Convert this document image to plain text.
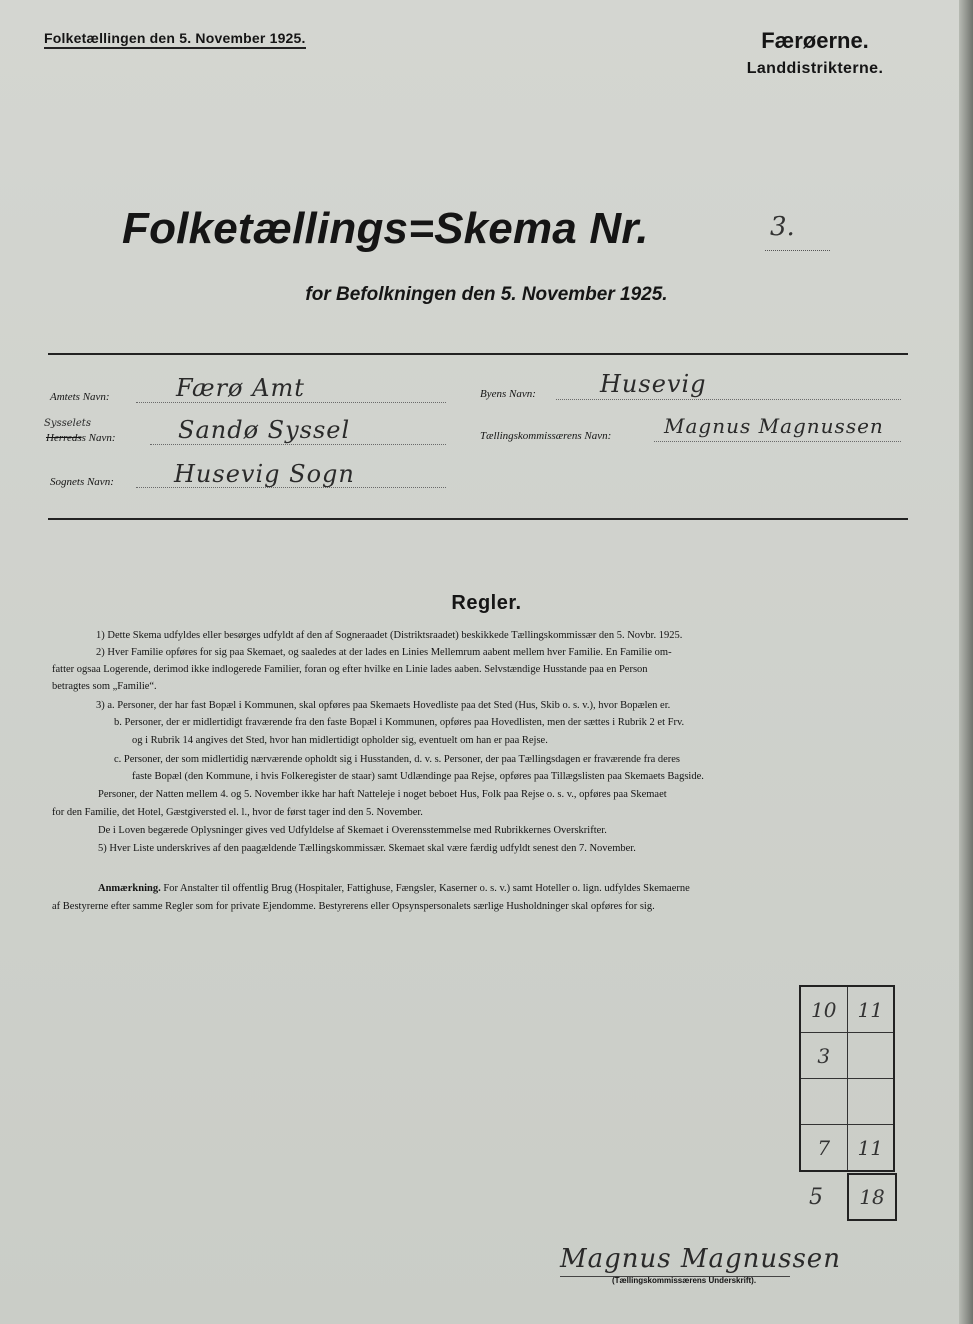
Folketællingen den 5. November 1925.	Færøerne.
Landdistrikterne.
Folketællings=Skema Nr.	3.
for Befolkningen den 5. November 1925.
Amtets Navn:	Færø Amt
Herreds
Sysselets
s Navn:	Sandø Syssel
Sognets Navn:	Husevig Sogn
Byens Navn:	Husevig
Tællingskommissærens Navn:	Magnus Magnussen
Regler.
1) Dette Skema udfyldes eller besørges udfyldt af den af Sogneraadet (Distriktsraadet) beskikkede Tællingskommissær den 5. Novbr. 1925.
2) Hver Familie opføres for sig paa Skemaet, og saaledes at der lades en Linies Mellemrum aabent mellem hver Familie. En Familie om-
fatter ogsaa Logerende, derimod ikke indlogerede Familier, foran og efter hvilke en Linie lades aaben. Selvstændige Husstande paa en Person
betragtes som „Familie“.
3) a. Personer, der har fast Bopæl i Kommunen, skal opføres paa Skemaets Hovedliste paa det Sted (Hus, Skib o. s. v.), hvor Bopælen er.
b. Personer, der er midlertidigt fraværende fra den faste Bopæl i Kommunen, opføres paa Hovedlisten, men der sættes i Rubrik 2 et Frv.
og i Rubrik 14 angives det Sted, hvor han midlertidigt opholder sig, eventuelt om han er paa Rejse.
c. Personer, der som midlertidig nærværende opholdt sig i Husstanden, d. v. s. Personer, der paa Tællingsdagen er fraværende fra deres
faste Bopæl (den Kommune, i hvis Folkeregister de staar) samt Udlændinge paa Rejse, opføres paa Tillægslisten paa Skemaets Bagside.
Personer, der Natten mellem 4. og 5. November ikke har haft Natteleje i noget beboet Hus, Folk paa Rejse o. s. v., opføres paa Skemaet
for den Familie, det Hotel, Gæstgiversted el. l., hvor de først tager ind den 5. November.
De i Loven begærede Oplysninger gives ved Udfyldelse af Skemaet i Overensstemmelse med Rubrikkernes Overskrifter.
5) Hver Liste underskrives af den paagældende Tællingskommissær. Skemaet skal være færdig udfyldt senest den 7. November.
Anmærkning. For Anstalter til offentlig Brug (Hospitaler, Fattighuse, Fængsler, Kaserner o. s. v.) samt Hoteller o. lign. udfyldes Skemaerne
af Bestyrerne efter samme Regler som for private Ejendomme. Bestyrerens eller Opsynspersonalets særlige Husholdninger skal opføres for sig.
10	11
3	

7	11
5	18
Magnus Magnussen
(Tællingskommissærens Underskrift).
